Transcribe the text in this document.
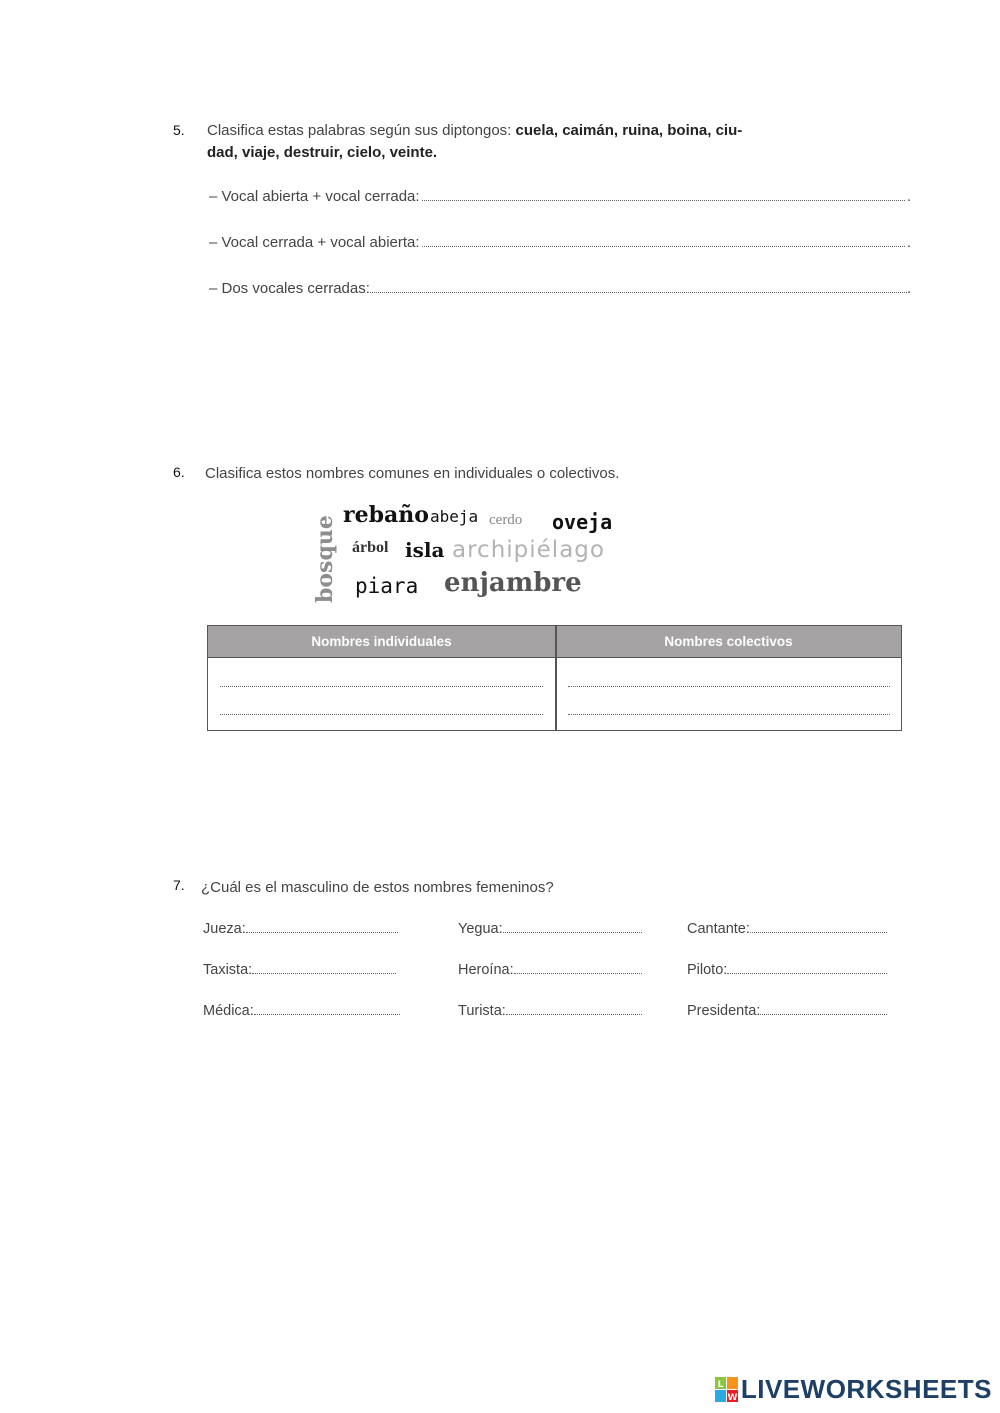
5. Clasifica estas palabras según sus diptongos: cuela, caimán, ruina, boina, ciu-
dad, viaje, destruir, cielo, veinte.
– Vocal abierta + vocal cerrada:	.
– Vocal cerrada + vocal abierta:	.
– Dos vocales cerradas:	.
6. Clasifica estos nombres comunes en individuales o colectivos.
bosque
rebaño abeja cerdo oveja
árbol isla archipiélago
piara enjambre
Nombres individuales	Nombres colectivos
7. ¿Cuál es el masculino de estos nombres femeninos?
Jueza:	Yegua:	Cantante:
Taxista:	Heroína:	Piloto:
Médica:	Turista:	Presidenta:
L
W LIVEWORKSHEETS
